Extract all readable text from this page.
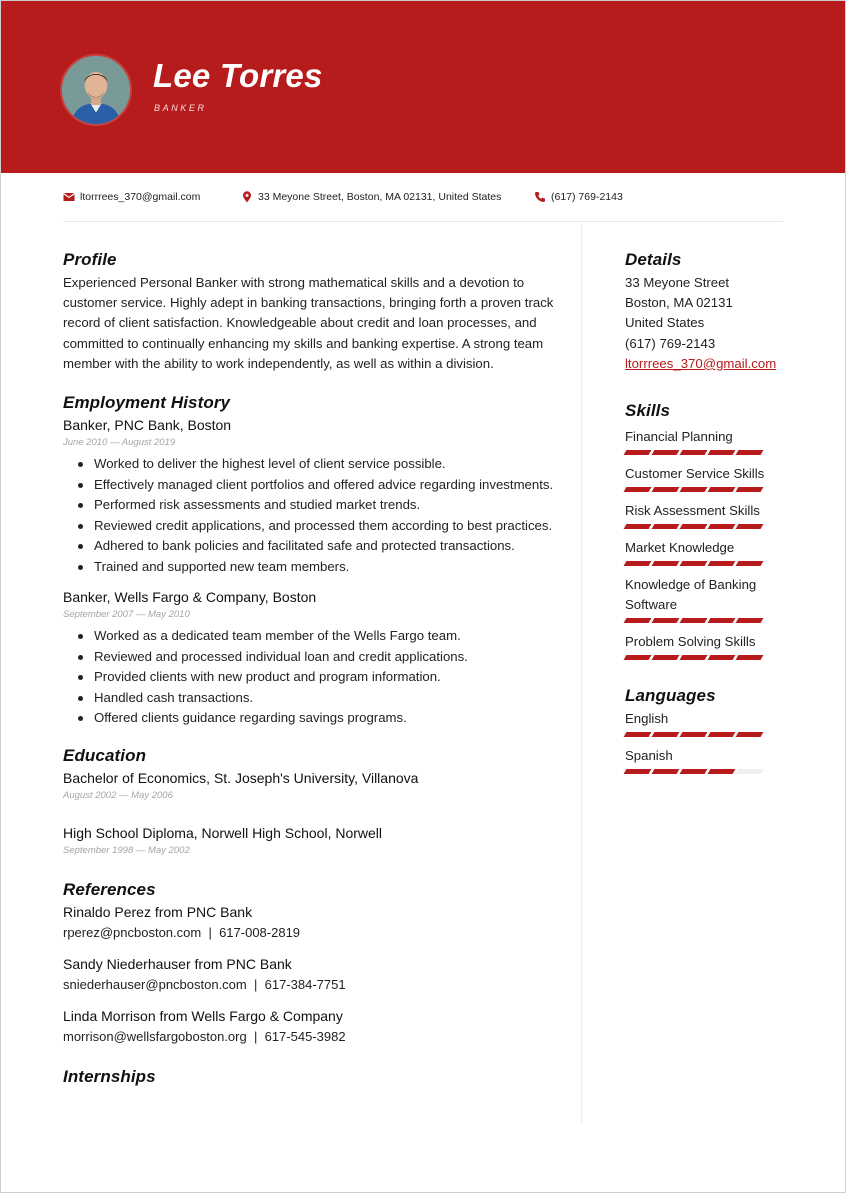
Lee Torres
BANKER
ltorrrees_370@gmail.com	33 Meyone Street, Boston, MA 02131, United States	(617) 769-2143
Profile
Experienced Personal Banker with strong mathematical skills and a devotion to
customer service. Highly adept in banking transactions, bringing forth a proven track
record of client satisfaction. Knowledgeable about credit and loan processes, and
committed to continually enhancing my skills and banking expertise. A strong team
member with the ability to work independently, as well as within a division.
Employment History
Banker, PNC Bank, Boston
June 2010 — August 2019
Worked to deliver the highest level of client service possible.
Effectively managed client portfolios and offered advice regarding investments.
Performed risk assessments and studied market trends.
Reviewed credit applications, and processed them according to best practices.
Adhered to bank policies and facilitated safe and protected transactions.
Trained and supported new team members.
Banker, Wells Fargo & Company, Boston
September 2007 — May 2010
Worked as a dedicated team member of the Wells Fargo team.
Reviewed and processed individual loan and credit applications.
Provided clients with new product and program information.
Handled cash transactions.
Offered clients guidance regarding savings programs.
Education
Bachelor of Economics, St. Joseph's University, Villanova
August 2002 — May 2006
High School Diploma, Norwell High School, Norwell
September 1998 — May 2002
References
Rinaldo Perez from PNC Bank
rperez@pncboston.com | 617-008-2819
Sandy Niederhauser from PNC Bank
sniederhauser@pncboston.com | 617-384-7751
Linda Morrison from Wells Fargo & Company
morrison@wellsfargoboston.org | 617-545-3982
Internships
Details
33 Meyone Street
Boston, MA 02131
United States
(617) 769-2143
ltorrrees_370@gmail.com
Skills
Financial Planning
Customer Service Skills
Risk Assessment Skills
Market Knowledge
Knowledge of Banking Software
Problem Solving Skills
Languages
English
Spanish
